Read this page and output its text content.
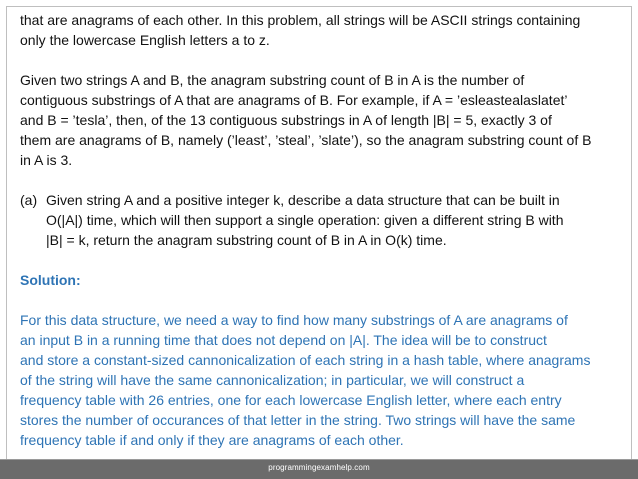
that are anagrams of each other. In this problem, all strings will be ASCII strings containing
only the lowercase English letters a to z.

Given two strings A and B, the anagram substring count of B in A is the number of
contiguous substrings of A that are anagrams of B. For example, if A = ’esleastealaslatet’
and B = ’tesla’, then, of the 13 contiguous substrings in A of length |B| = 5, exactly 3 of
them are anagrams of B, namely (’least’, ’steal’, ’slate’), so the anagram substring count of B
in A is 3.

(a) Given string A and a positive integer k, describe a data structure that can be built in
O(|A|) time, which will then support a single operation: given a different string B with
|B| = k, return the anagram substring count of B in A in O(k) time.

Solution:

For this data structure, we need a way to find how many substrings of A are anagrams of
an input B in a running time that does not depend on |A|. The idea will be to construct
and store a constant-sized cannonicalization of each string in a hash table, where anagrams
of the string will have the same cannonicalization; in particular, we will construct a
frequency table with 26 entries, one for each lowercase English letter, where each entry
stores the number of occurances of that letter in the string. Two strings will have the same
frequency table if and only if they are anagrams of each other.

programmingexamhelp.com
